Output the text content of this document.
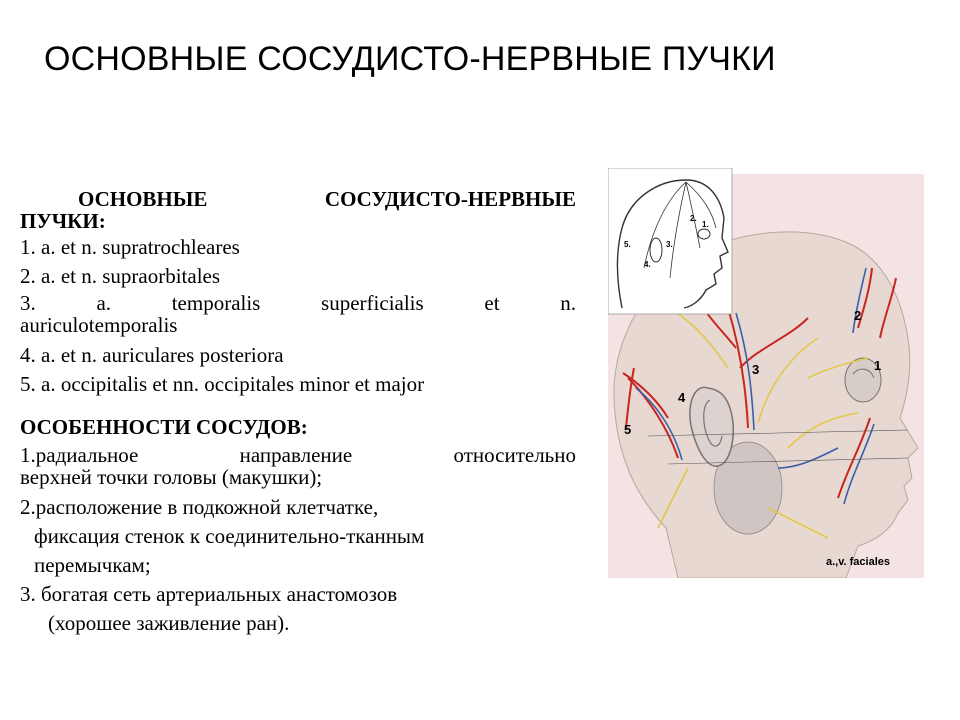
ОСНОВНЫЕ СОСУДИСТО-НЕРВНЫЕ ПУЧКИ
ОСНОВНЫЕ СОСУДИСТО-НЕРВНЫЕ
ПУЧКИ:
1. a. et n. supratrochleares
2. a. et n. supraorbitales
3. a. temporalis superficialis et n.
auriculotemporalis
4. a. et n. auriculares posteriora
5. a. occipitalis et nn. occipitales minor et major
ОСОБЕННОСТИ СОСУДОВ:
1.радиальное направление относительно
верхней точки головы (макушки);
2.расположение в подкожной клетчатке,
фиксация стенок к соединительно-тканным
перемычкам;
3. богатая сеть артериальных анастомозов
(хорошее заживление ран).
2.
1.
5.	3.
4.
2
1
3
4
5
a.,v. faciales
